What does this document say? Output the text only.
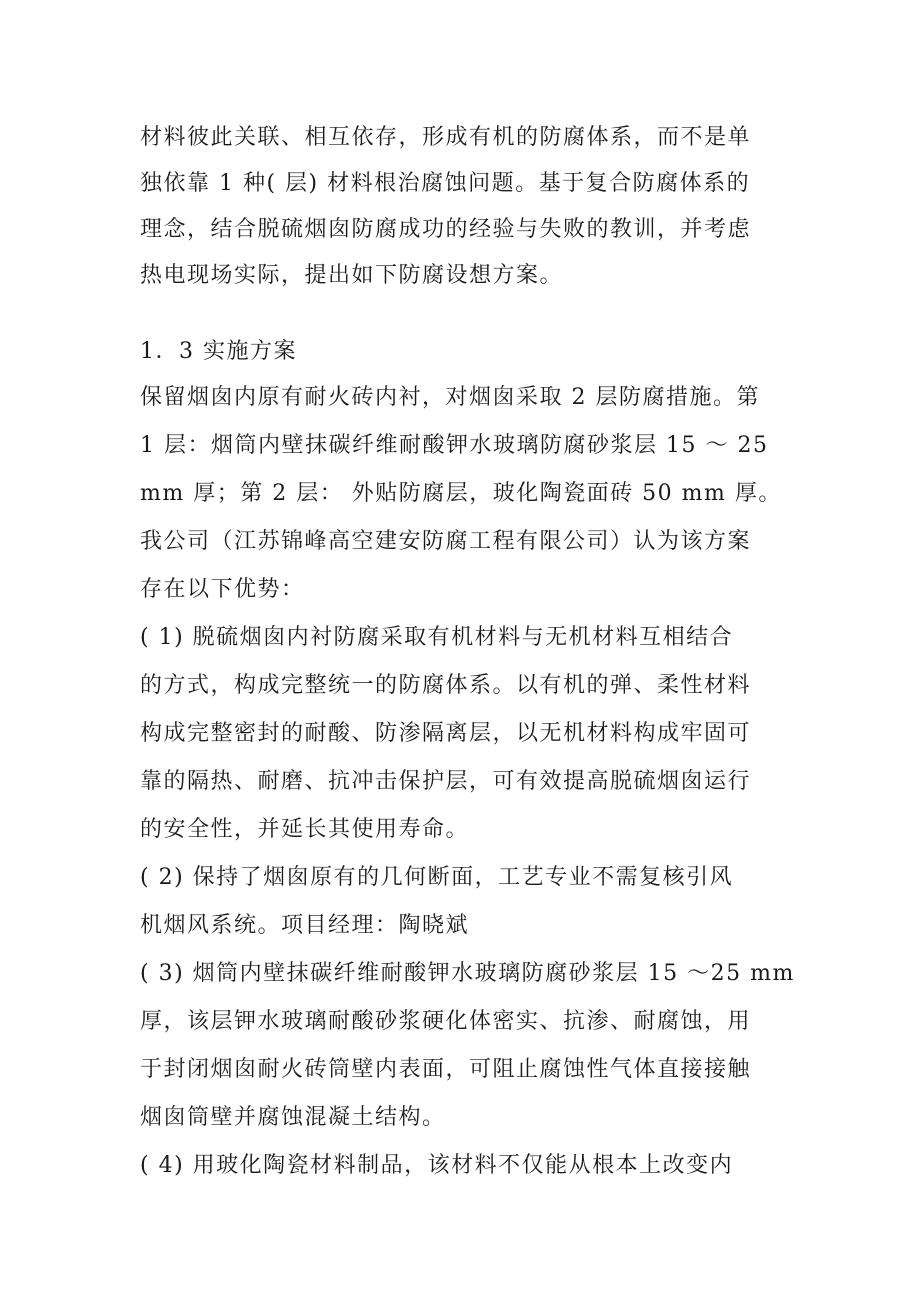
材料彼此关联、相互依存，形成有机的防腐体系，而不是单
独依靠 1 种( 层) 材料根治腐蚀问题。基于复合防腐体系的
理念，结合脱硫烟囱防腐成功的经验与失败的教训，并考虑
热电现场实际，提出如下防腐设想方案。
1．3 实施方案
保留烟囱内原有耐火砖内衬，对烟囱采取 2 层防腐措施。第
1 层：烟筒内壁抹碳纤维耐酸钾水玻璃防腐砂浆层 15 ～ 25
mm 厚；第 2 层： 外贴防腐层，玻化陶瓷面砖 50 mm 厚。
我公司（江苏锦峰高空建安防腐工程有限公司）认为该方案
存在以下优势：
( 1) 脱硫烟囱内衬防腐采取有机材料与无机材料互相结合
的方式，构成完整统一的防腐体系。以有机的弹、柔性材料
构成完整密封的耐酸、防渗隔离层，以无机材料构成牢固可
靠的隔热、耐磨、抗冲击保护层，可有效提高脱硫烟囱运行
的安全性，并延长其使用寿命。
( 2) 保持了烟囱原有的几何断面，工艺专业不需复核引风
机烟风系统。项目经理：陶晓斌
( 3) 烟筒内壁抹碳纤维耐酸钾水玻璃防腐砂浆层 15 ～25 mm
厚，该层钾水玻璃耐酸砂浆硬化体密实、抗渗、耐腐蚀，用
于封闭烟囱耐火砖筒壁内表面，可阻止腐蚀性气体直接接触
烟囱筒壁并腐蚀混凝土结构。
( 4) 用玻化陶瓷材料制品，该材料不仅能从根本上改变内
